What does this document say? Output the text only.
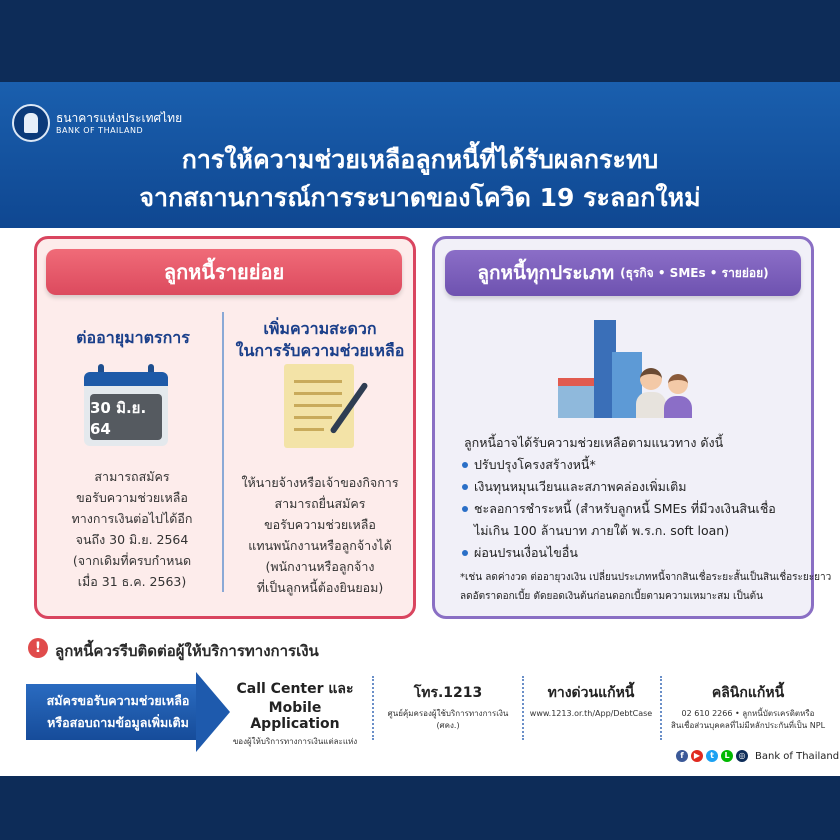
ธนาคารแห่งประเทศไทย
BANK OF THAILAND
การให้ความช่วยเหลือลูกหนี้ที่ได้รับผลกระทบ
จากสถานการณ์การระบาดของโควิด 19 ระลอกใหม่
ลูกหนี้รายย่อย
ต่ออายุมาตรการ
30 มิ.ย. 64
สามารถสมัคร
ขอรับความช่วยเหลือ
ทางการเงินต่อไปได้อีก
จนถึง 30 มิ.ย. 2564
(จากเดิมที่ครบกำหนด
เมื่อ 31 ธ.ค. 2563)
เพิ่มความสะดวก
ในการรับความช่วยเหลือ
ให้นายจ้างหรือเจ้าของกิจการ
สามารถยื่นสมัคร
ขอรับความช่วยเหลือ
แทนพนักงานหรือลูกจ้างได้
(พนักงานหรือลูกจ้าง
ที่เป็นลูกหนี้ต้องยินยอม)
ลูกหนี้ทุกประเภท (ธุรกิจ • SMEs • รายย่อย)
ลูกหนี้อาจได้รับความช่วยเหลือตามแนวทาง ดังนี้
ปรับปรุงโครงสร้างหนี้*
เงินทุนหมุนเวียนและสภาพคล่องเพิ่มเติม
ชะลอการชำระหนี้ (สำหรับลูกหนี้ SMEs ที่มีวงเงินสินเชื่อ
ไม่เกิน 100 ล้านบาท ภายใต้ พ.ร.ก. soft loan)
ผ่อนปรนเงื่อนไขอื่น
*เช่น ลดค่างวด ต่ออายุวงเงิน เปลี่ยนประเภทหนี้จากสินเชื่อระยะสั้นเป็นสินเชื่อระยะยาว
ลดอัตราดอกเบี้ย ตัดยอดเงินต้นก่อนดอกเบี้ยตามความเหมาะสม เป็นต้น
! ลูกหนี้ควรรีบติดต่อผู้ให้บริการทางการเงิน
สมัครขอรับความช่วยเหลือ
หรือสอบถามข้อมูลเพิ่มเติม
Call Center และ
Mobile Application
ของผู้ให้บริการทางการเงินแต่ละแห่ง
โทร.1213
ศูนย์คุ้มครองผู้ใช้บริการทางการเงิน (ศคง.)
ทางด่วนแก้หนี้
www.1213.or.th/App/DebtCase
คลินิกแก้หนี้
02 610 2266 • ลูกหนี้บัตรเครดิตหรือ
สินเชื่อส่วนบุคคลที่ไม่มีหลักประกันที่เป็น NPL
f	▶	t	L	◎ Bank of Thailand
